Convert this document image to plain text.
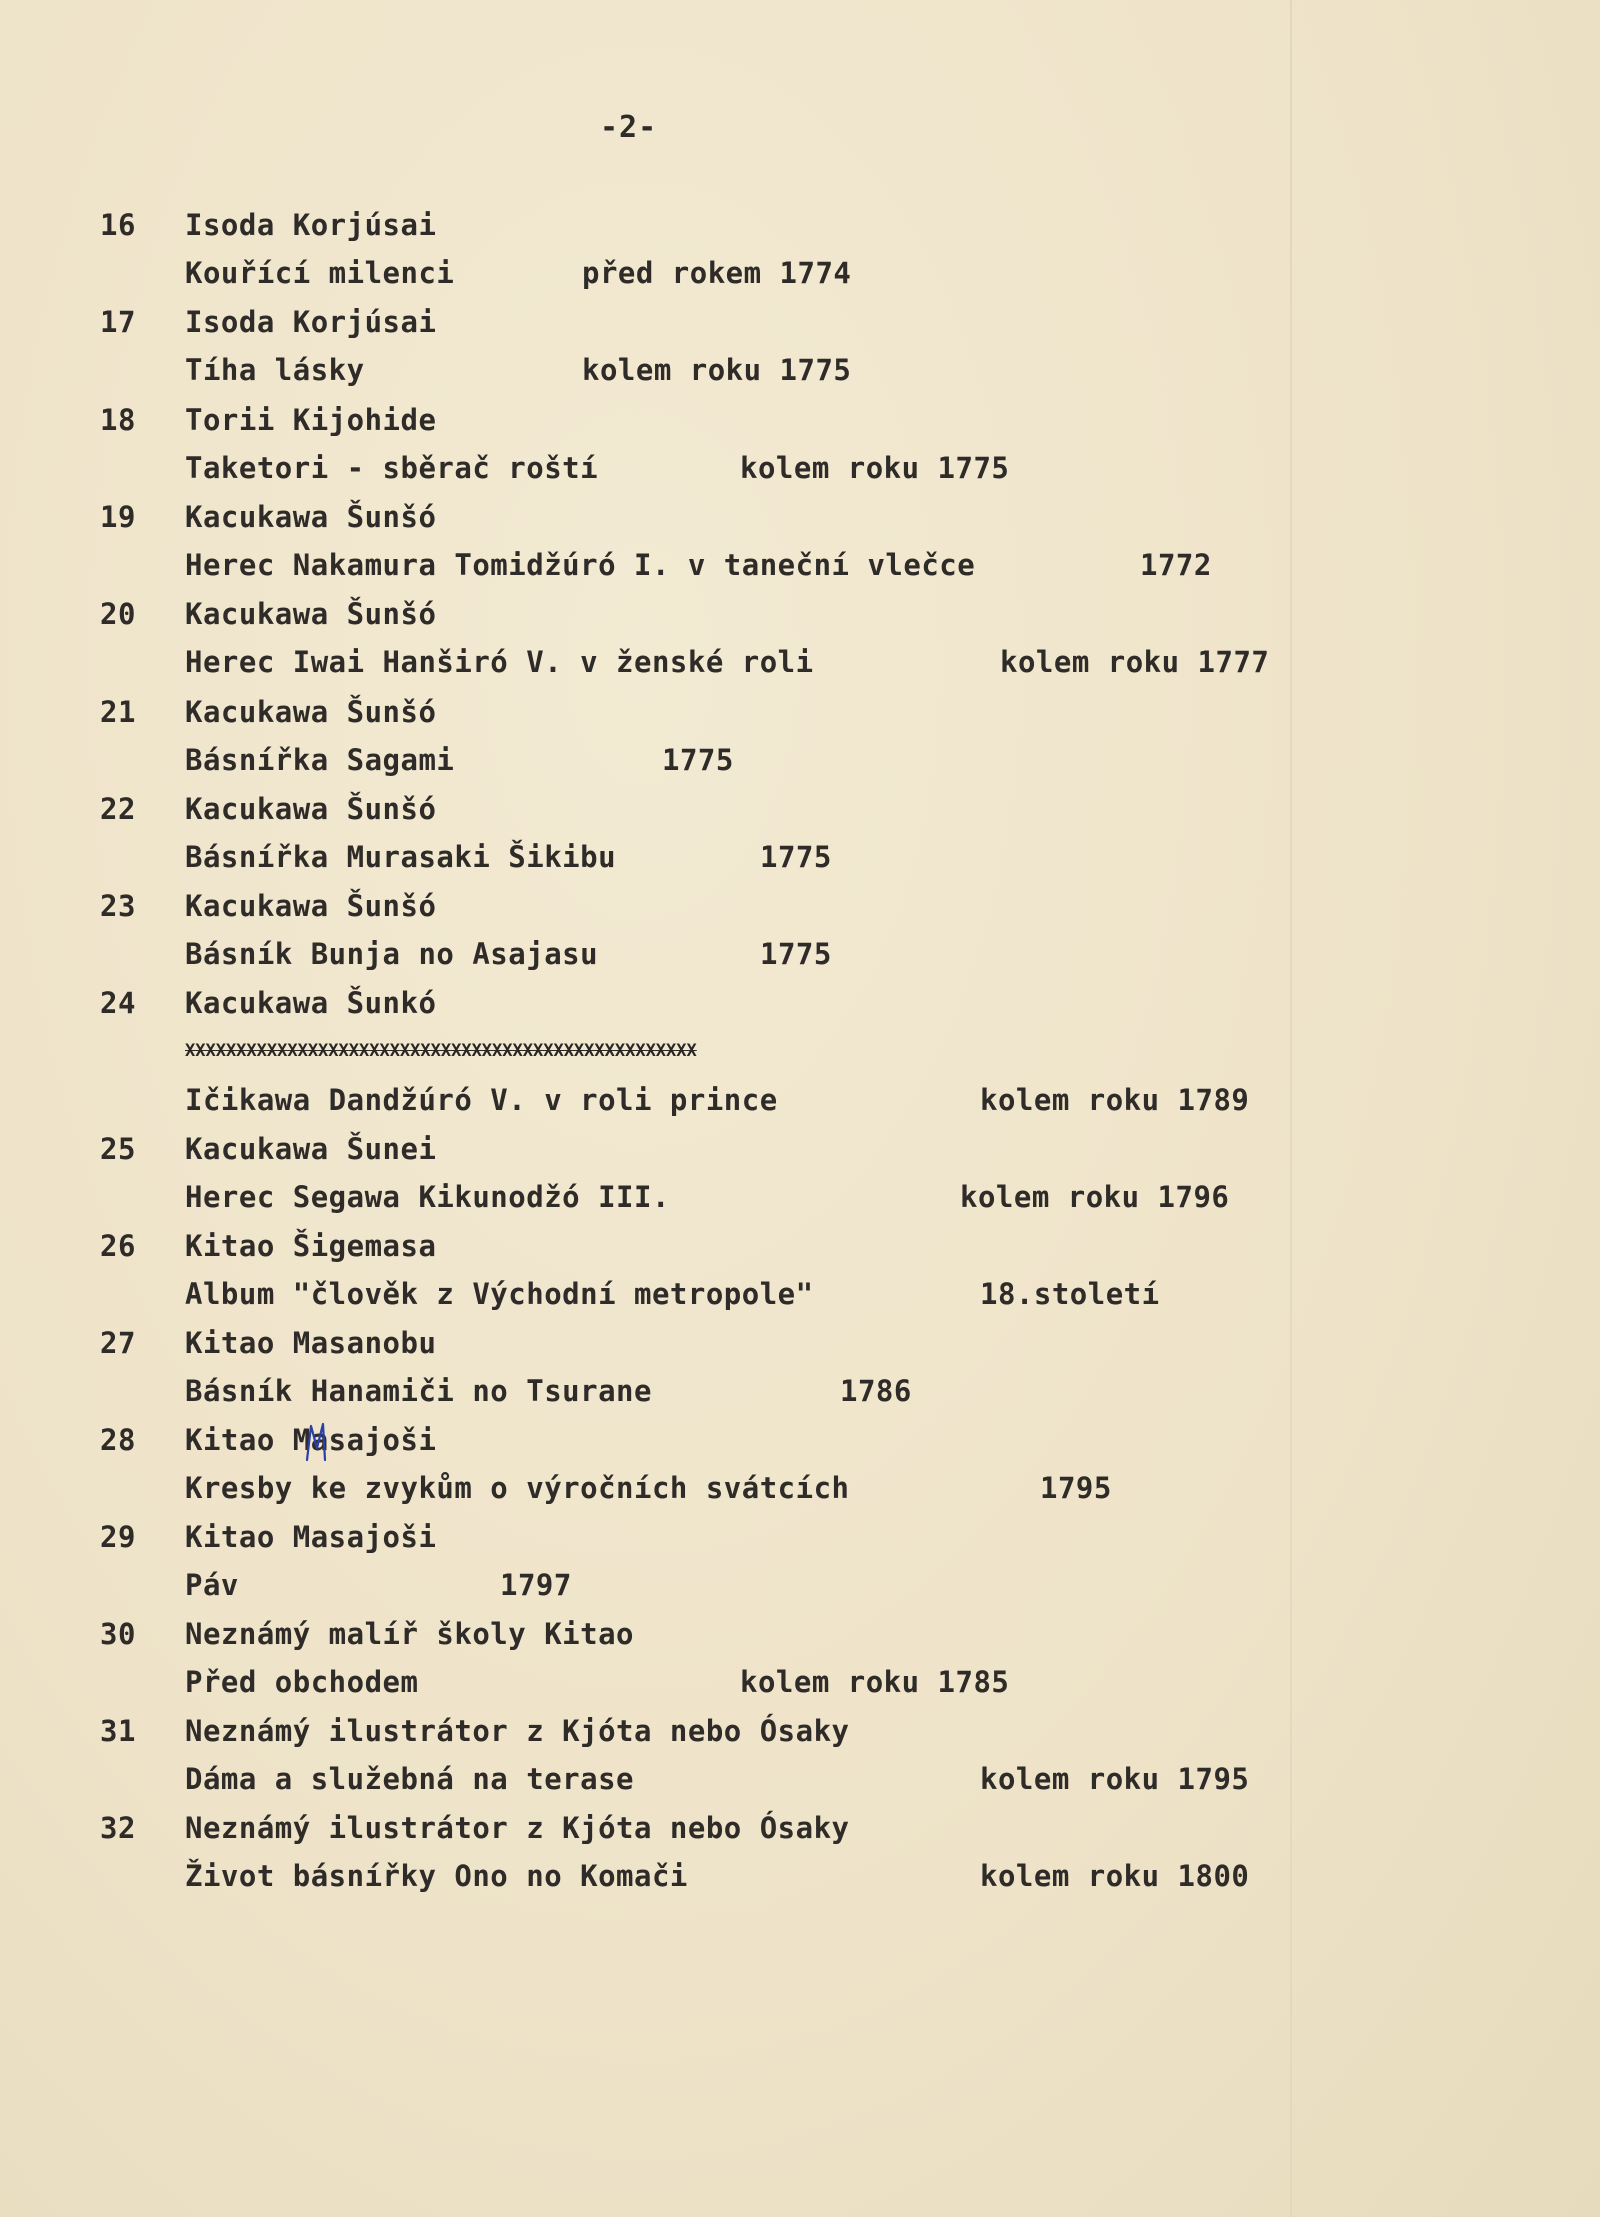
-2-
16	Isoda Korjúsai
Kouřící milenci	před rokem 1774
17	Isoda Korjúsai
Tíha lásky	kolem roku 1775
18	Torii Kijohide
Taketori - sběrač roští	kolem roku 1775
19	Kacukawa Šunšó
Herec Nakamura Tomidžúró I. v taneční vlečce	1772
20	Kacukawa Šunšó
Herec Iwai Hanširó V. v ženské roli	kolem roku 1777
21	Kacukawa Šunšó
Básnířka Sagami	1775
22	Kacukawa Šunšó
Básnířka Murasaki Šikibu	1775
23	Kacukawa Šunšó
Básník Bunja no Asajasu	1775
24	Kacukawa Šunkó
XXXXXXXXXXXXXXXXXXXXXXXXXXXXXXXXXXXXXXXXXXXXXXXXXX
Ičikawa Dandžúró V. v roli prince	kolem roku 1789
25	Kacukawa Šunei
Herec Segawa Kikunodžó III.	kolem roku 1796
26	Kitao Šigemasa
Album "člověk z Východní metropole"	18.století
27	Kitao Masanobu
Básník Hanamiči no Tsurane	1786
28	Kitao Masajoši
Kresby ke zvykům o výročních svátcích	1795
29	Kitao Masajoši
Páv	1797
30	Neznámý malíř školy Kitao
Před obchodem	kolem roku 1785
31	Neznámý ilustrátor z Kjóta nebo Ósaky
Dáma a služebná na terase	kolem roku 1795
32	Neznámý ilustrátor z Kjóta nebo Ósaky
Život básnířky Ono no Komači	kolem roku 1800
